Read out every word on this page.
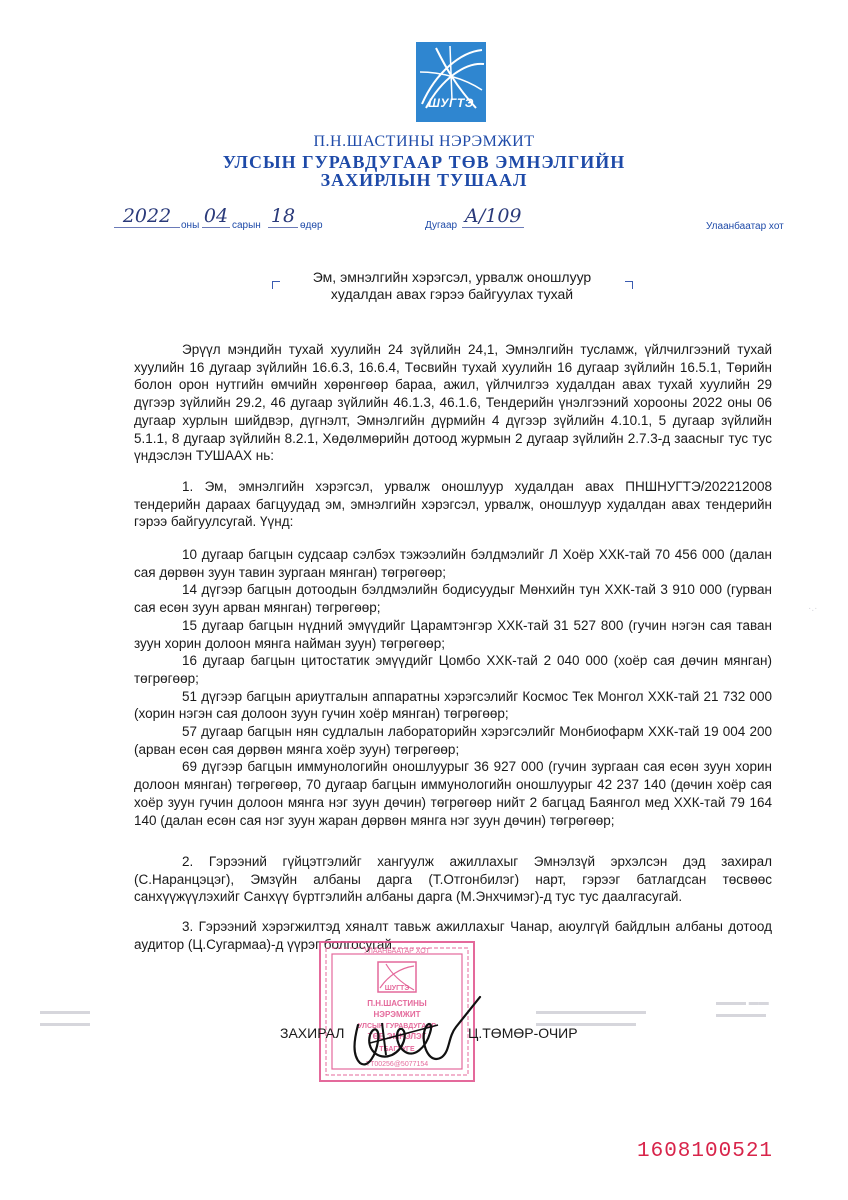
ШУГТЭ
П.Н.ШАСТИНЫ НЭРЭМЖИТ
УЛСЫН ГУРАВДУГААР ТӨВ ЭМНЭЛГИЙН
ЗАХИРЛЫН ТУШААЛ
2022 оны 04 сарын 18 өдөр	Дугаар А/109	Улаанбаатар хот
Эм, эмнэлгийн хэрэгсэл, урвалж оношлуур
худалдан авах гэрээ байгуулах тухай

Эрүүл мэндийн тухай хуулийн 24 зүйлийн 24,1, Эмнэлгийн тусламж, үйлчилгээний тухай хуулийн 16 дугаар зүйлийн 16.6.3, 16.6.4, Төсвийн тухай хуулийн 16 дугаар зүйлийн 16.5.1, Төрийн болон орон нутгийн өмчийн хөрөнгөөр бараа, ажил, үйлчилгээ худалдан авах тухай хуулийн 29 дүгээр зүйлийн 29.2, 46 дугаар зүйлийн 46.1.3, 46.1.6, Тендерийн үнэлгээний хорооны 2022 оны 06 дугаар хурлын шийдвэр, дүгнэлт, Эмнэлгийн дүрмийн 4 дүгээр зүйлийн 4.10.1, 5 дугаар зүйлийн 5.1.1, 8 дугаар зүйлийн 8.2.1, Хөдөлмөрийн дотоод журмын 2 дугаар зүйлийн 2.7.3-д заасныг тус тус үндэслэн ТУШААХ нь:

1. Эм, эмнэлгийн хэрэгсэл, урвалж оношлуур худалдан авах ПНШНУГТЭ/202212008 тендерийн дараах багцуудад эм, эмнэлгийн хэрэгсэл, урвалж, оношлуур худалдан авах тендерийн гэрээ байгуулсугай. Үүнд:

10 дугаар багцын судсаар сэлбэх тэжээлийн бэлдмэлийг Л Хоёр ХХК-тай 70 456 000 (далан сая дөрвөн зуун тавин зургаан мянган) төгрөгөөр;

14 дүгээр багцын дотоодын бэлдмэлийн бодисуудыг Мөнхийн тун ХХК-тай 3 910 000 (гурван сая есөн зуун арван мянган) төгрөгөөр;

15 дугаар багцын нүдний эмүүдийг Царамтэнгэр ХХК-тай 31 527 800 (гучин нэгэн сая таван зуун хорин долоон мянга найман зуун) төгрөгөөр;

16 дугаар багцын цитостатик эмүүдийг Цомбо ХХК-тай 2 040 000 (хоёр сая дөчин мянган) төгрөгөөр;

51 дүгээр багцын ариутгалын аппаратны хэрэгсэлийг Космос Тек Монгол ХХК-тай 21 732 000 (хорин нэгэн сая долоон зуун гучин хоёр мянган) төгрөгөөр;

57 дугаар багцын нян судлалын лабораторийн хэрэгсэлийг Монбиофарм ХХК-тай 19 004 200 (арван есөн сая дөрвөн мянга хоёр зуун) төгрөгөөр;

69 дүгээр багцын иммунологийн оношлуурыг 36 927 000 (гучин зургаан сая есөн зуун хорин долоон мянган) төгрөгөөр, 70 дугаар багцын иммунологийн оношлуурыг 42 237 140 (дөчин хоёр сая хоёр зуун гучин долоон мянга нэг зуун дөчин) төгрөгөөр нийт 2 багцад Баянгол мед ХХК-тай 79 164 140 (далан есөн сая нэг зуун жаран дөрвөн мянга нэг зуун дөчин) төгрөгөөр;

2. Гэрээний гүйцэтгэлийг хангуулж ажиллахыг Эмнэлзүй эрхэлсэн дэд захирал (С.Наранцэцэг), Эмзүйн албаны дарга (Т.Отгонбилэг) нарт, гэрээг батлагдсан төсвөөс санхүүжүүлэхийг Санхүү бүртгэлийн албаны дарга (М.Энхчимэг)-д тус тус даалгасугай.

3. Гэрээний хэрэгжилтэд хяналт тавьж ажиллахыг Чанар, аюулгүй байдлын албаны дотоод аудитор (Ц.Сугармаа)-д үүрэг болгосугай.

УЛААНБААТАР ХОТ
ШУГТЭ
П.Н.ШАСТИНЫ
НЭРЭМЖИТ
УЛСЫН ГУРАВДУГААР
ТӨВ ЭМНЭЛЭГ
ТБАГУУГЕ
ТТ00256@5077154
ЗАХИРАЛ	Ц.ТӨМӨР-ОЧИР
·.·
▬▬▬ ▬▬
▬▬▬▬▬
▬▬▬▬▬▬▬▬▬▬▬
▬▬▬▬▬▬▬▬▬▬
▬▬▬▬▬
▬▬▬▬▬
1608100521
